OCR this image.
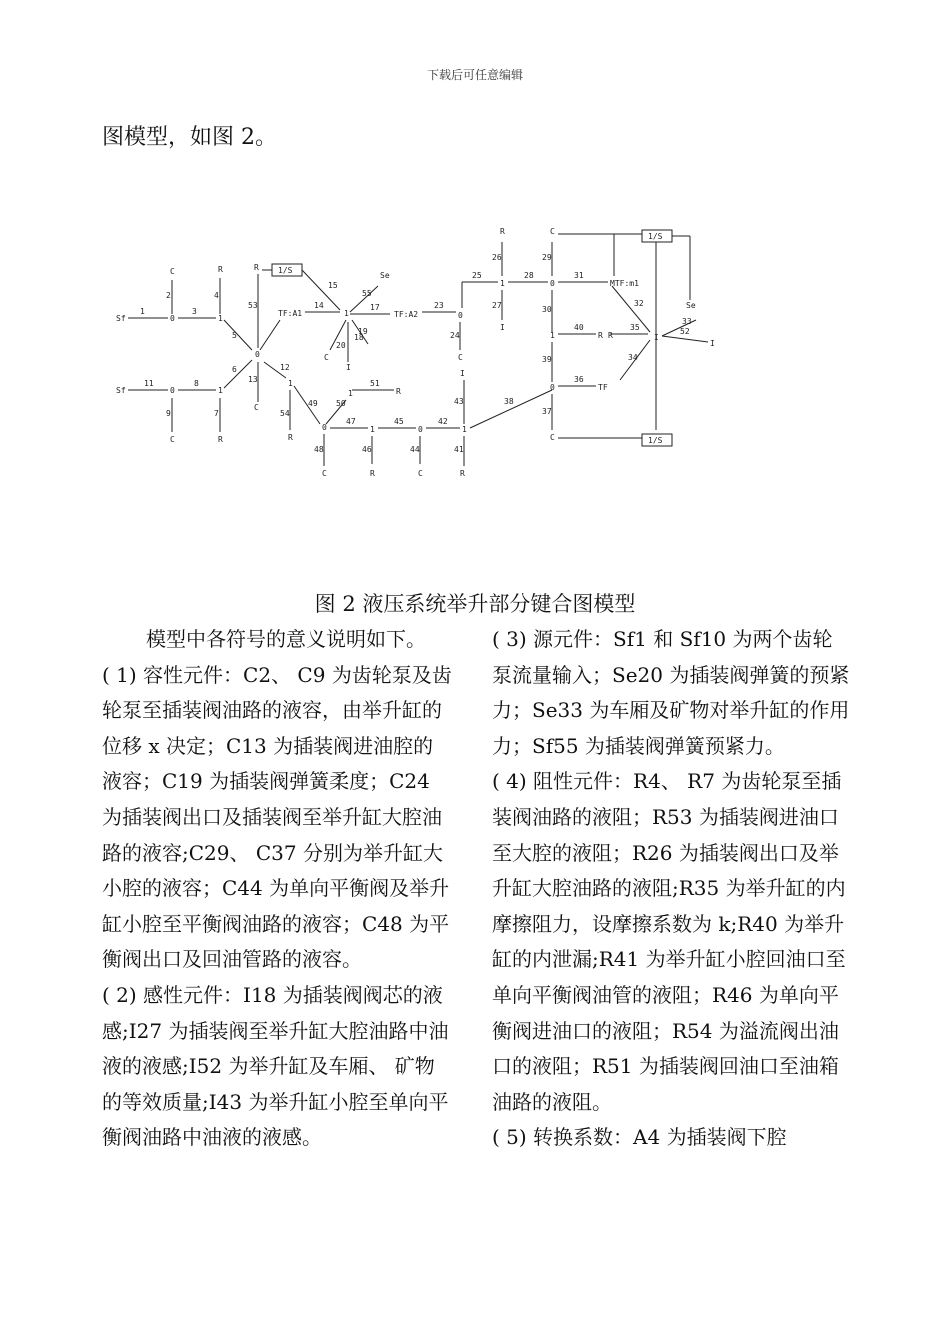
下载后可任意编辑
图模型，如图 2。
Sf
1
0
2
C
3
1
4
R
Sf
11
0
9
C
8
1
7
R
0
5
6
53
R 1/S
15
TF:A1
14
13
C
12
1
54
R
49
1
55
Se
17
TF:A2
20
C
19
18
I
0
50
1
51
R
48
C
47
1
46
R
45
0
44
C
42
1
43
I
41
R
38
23
0
24
C
25
1
26
R
27
I
28
0
29
C
31
MTF:m1
30
1
40
R
39
0
36
TF
37
C
1/S
Se
I
32
35
R
33
52
I
34
1/S
图 2 液压系统举升部分键合图模型

模型中各符号的意义说明如下。

( 1) 容性元件：C2、 C9 为齿轮泵及齿轮泵至插装阀油路的液容，由举升缸的位移 x 决定；C13 为插装阀进油腔的液容；C19 为插装阀弹簧柔度；C24 为插装阀出口及插装阀至举升缸大腔油路的液容;C29、 C37 分别为举升缸大小腔的液容；C44 为单向平衡阀及举升缸小腔至平衡阀油路的液容；C48 为平衡阀出口及回油管路的液容。

( 2) 感性元件：I18 为插装阀阀芯的液感;I27 为插装阀至举升缸大腔油路中油液的液感;I52 为举升缸及车厢、 矿物的等效质量;I43 为举升缸小腔至单向平衡阀油路中油液的液感。

( 3) 源元件：Sf1 和 Sf10 为两个齿轮泵流量输入；Se20 为插装阀弹簧的预紧力；Se33 为车厢及矿物对举升缸的作用力；Sf55 为插装阀弹簧预紧力。

( 4) 阻性元件：R4、 R7 为齿轮泵至插装阀油路的液阻；R53 为插装阀进油口至大腔的液阻；R26 为插装阀出口及举升缸大腔油路的液阻;R35 为举升缸的内摩擦阻力，设摩擦系数为 k;R40 为举升缸的内泄漏;R41 为举升缸小腔回油口至单向平衡阀油管的液阻；R46 为单向平衡阀进油口的液阻；R54 为溢流阀出油口的液阻；R51 为插装阀回油口至油箱油路的液阻。

( 5) 转换系数：A4 为插装阀下腔
